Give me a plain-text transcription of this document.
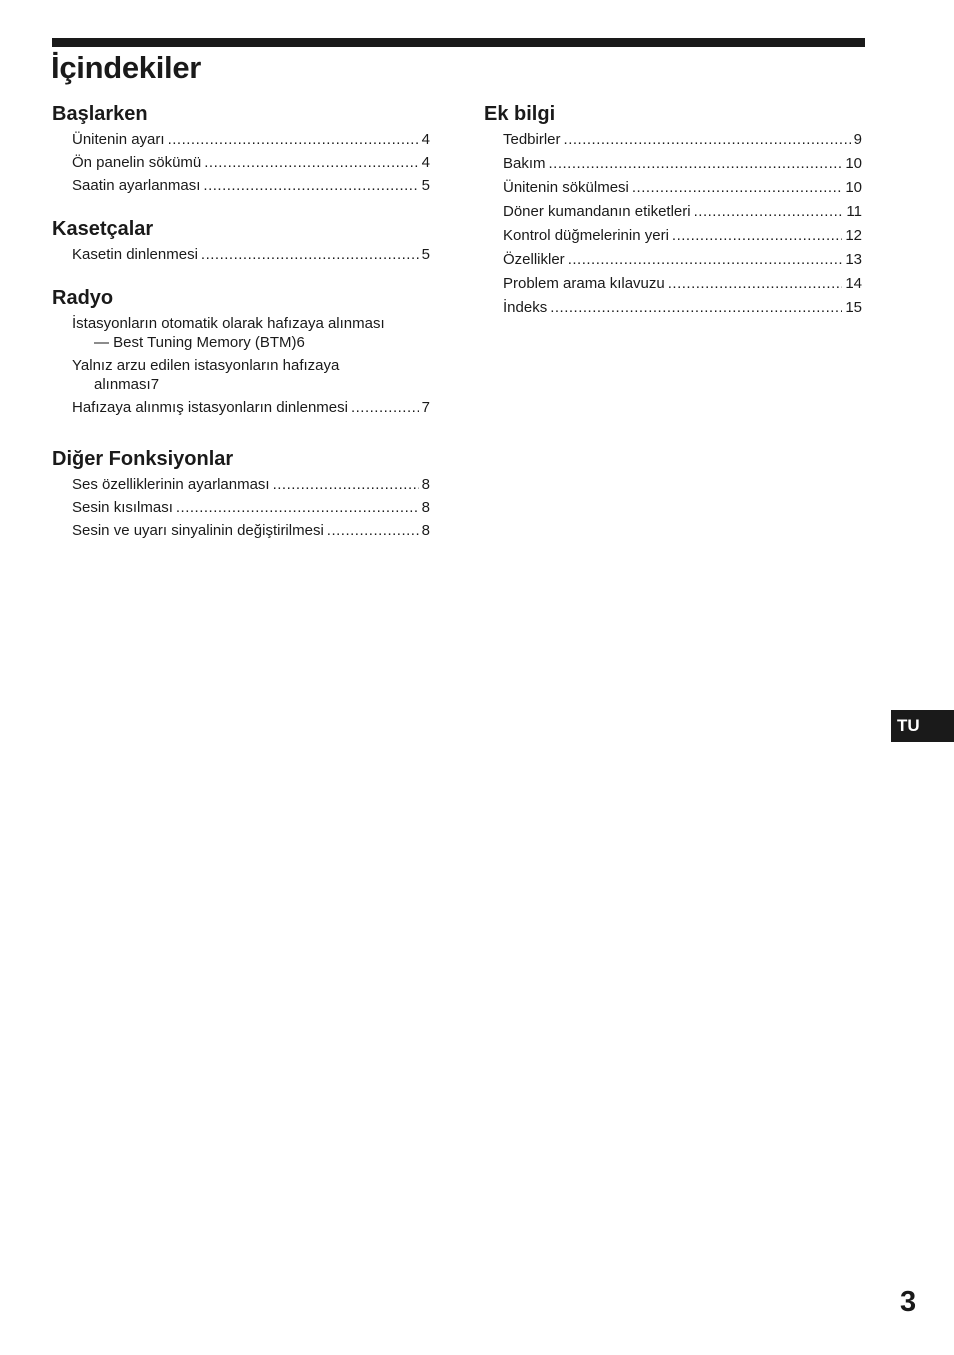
İçindekiler
Başlarken
Ünitenin ayarı .....	4
Ön panelin sökümü .....	4
Saatin ayarlanması .....	5
Kasetçalar
Kasetin dinlenmesi .....	5
Radyo
İstasyonların otomatik olarak hafızaya alınması
— Best Tuning Memory (BTM) 6
Yalnız arzu edilen istasyonların hafızaya
alınması 7
Hafızaya alınmış istasyonların dinlenmesi .....	7
Diğer Fonksiyonlar
Ses özelliklerinin ayarlanması .....	8
Sesin kısılması .....	8
Sesin ve uyarı sinyalinin değiştirilmesi .....	8
Ek bilgi
Tedbirler .....	9
Bakım .....	10
Ünitenin sökülmesi .....	10
Döner kumandanın etiketleri .....	11
Kontrol düğmelerinin yeri .....	12
Özellikler .....	13
Problem arama kılavuzu .....	14
İndeks .....	15
TU
3
